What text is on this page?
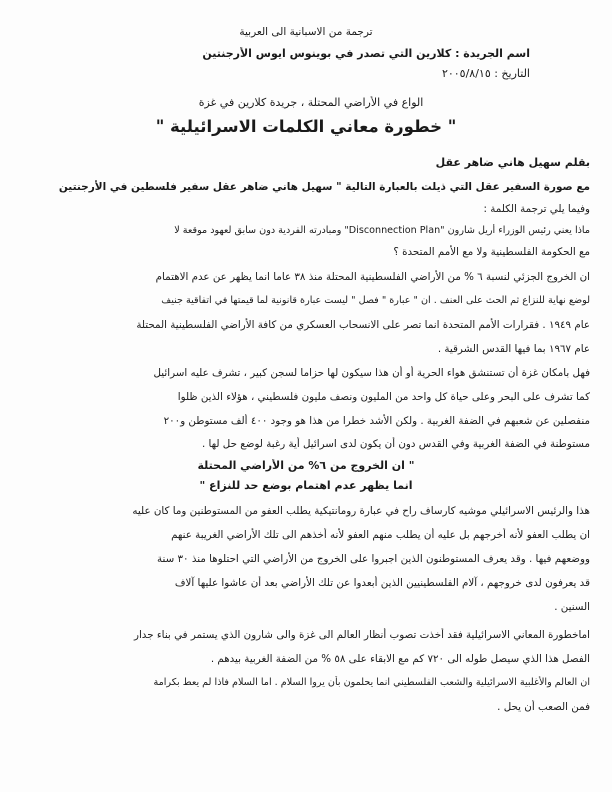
ترجمة من الاسبانية الى العربية
اسم الجريدة : كلارين التي تصدر في بوينوس ايوس الأرجنتين
التاريخ : ٢٠٠٥/٨/١٥
الواع في الأراضي المحتلة ، جريدة كلارين في غزة
" خطورة معاني الكلمات الاسرائيلية "
بقلم سهيل هاني ضاهر عقل
مع صورة السفير عقل التي ذيلت بالعبارة التالية " سهيل هاني ضاهر عقل سفير فلسطين في الأرجنتين
وفيما يلي ترجمة الكلمة :
ماذا يعني رئيس الوزراء أريل شارون "Disconnection Plan" ومبادرته الفردية دون سابق لعهود موقعة لا
مع الحكومة الفلسطينية ولا مع الأمم المتحدة ؟
ان الخروج الجزئي لنسبة ٦ % من الأراضي الفلسطينية المحتلة منذ ٣٨ عاما انما يظهر عن عدم الاهتمام
لوضع نهاية للنزاع ثم الحث على العنف . ان " عبارة " فصل " ليست عبارة قانونية لما قيمتها في اتفاقية جنيف
عام ١٩٤٩ . فقرارات الأمم المتحدة انما تصر على الانسحاب العسكري من كافة الأراضي الفلسطينية المحتلة
عام ١٩٦٧ بما فيها القدس الشرقية .
فهل بامكان غزة أن تستنشق هواء الحرية أو أن هذا سيكون لها حزاما لسجن كبير ، تشرف عليه اسرائيل
كما تشرف على البحر وعلى حياة كل واحد من المليون ونصف مليون فلسطيني ، هؤلاء الذين ظلوا
منفصلين عن شعبهم في الضفة الغربية . ولكن الأشد خطرا من هذا هو وجود ٤٠٠ ألف مستوطن و٢٠٠
مستوطنة في الضفة الغربية وفي القدس دون أن يكون لدى اسرائيل أية رغبة لوضع حل لها .
" ان الخروج من ٦% من الأراضي المحتلة
انما يظهر عدم اهتمام بوضع حد للنزاع "
هذا والرئيس الاسرائيلي موشيه كارساف راح في عبارة رومانتيكية يطلب العفو من المستوطنين وما كان عليه
ان يطلب العفو لأنه أخرجهم بل عليه أن يطلب منهم العفو لأنه أخذهم الى تلك الأراضي الغريبة عنهم
ووضعهم فيها . وقد يعرف المستوطنون الذين اجبروا على الخروج من الأراضي التي احتلوها منذ ٣٠ سنة
قد يعرفون لدى خروجهم ، آلام الفلسطينيين الذين أبعدوا عن تلك الأراضي بعد أن عاشوا عليها آلاف
السنين .
اماخطورة المعاني الاسرائيلية فقد أخذت تصوب أنظار العالم الى غزة والى شارون الذي يستمر في بناء جدار
الفصل هذا الذي سيصل طوله الى ٧٢٠ كم مع الابقاء على ٥٨ % من الضفة الغربية بيدهم .
ان العالم والأغلبية الاسرائيلية والشعب الفلسطيني انما يحلمون بأن يروا السلام . اما السلام فاذا لم يعط بكرامة
فمن الصعب أن يحل .
